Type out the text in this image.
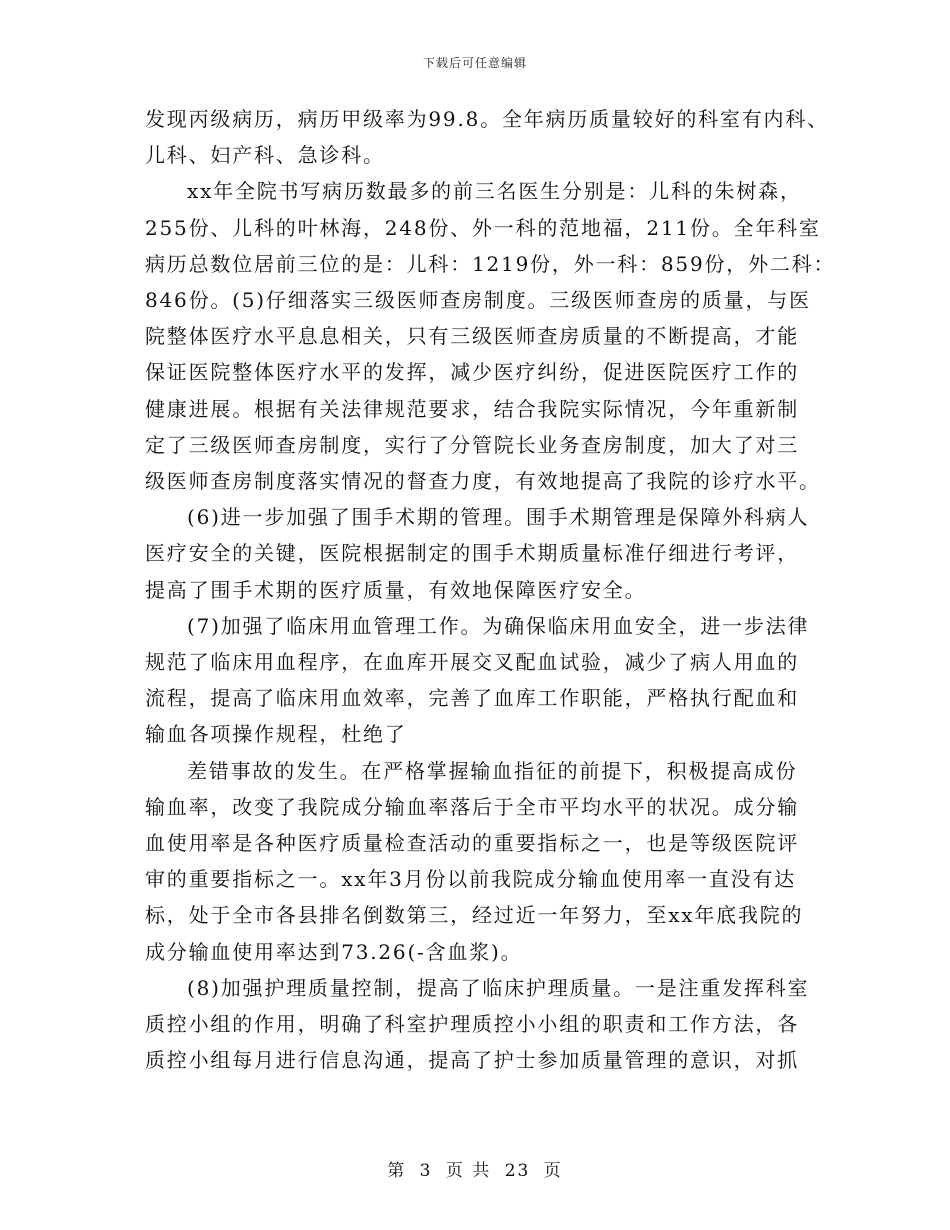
下载后可任意编辑
发现丙级病历，病历甲级率为99.8。全年病历质量较好的科室有内科、
儿科、妇产科、急诊科。
xx年全院书写病历数最多的前三名医生分别是：儿科的朱树森，
255份、儿科的叶林海，248份、外一科的范地福，211份。全年科室
病历总数位居前三位的是：儿科：1219份，外一科：859份，外二科：
846份。(5)仔细落实三级医师查房制度。三级医师查房的质量，与医
院整体医疗水平息息相关，只有三级医师查房质量的不断提高，才能
保证医院整体医疗水平的发挥，减少医疗纠纷，促进医院医疗工作的
健康进展。根据有关法律规范要求，结合我院实际情况，今年重新制
定了三级医师查房制度，实行了分管院长业务查房制度，加大了对三
级医师查房制度落实情况的督查力度，有效地提高了我院的诊疗水平。
(6)进一步加强了围手术期的管理。围手术期管理是保障外科病人
医疗安全的关键，医院根据制定的围手术期质量标准仔细进行考评，
提高了围手术期的医疗质量，有效地保障医疗安全。
(7)加强了临床用血管理工作。为确保临床用血安全，进一步法律
规范了临床用血程序，在血库开展交叉配血试验，减少了病人用血的
流程，提高了临床用血效率，完善了血库工作职能，严格执行配血和
输血各项操作规程，杜绝了
差错事故的发生。在严格掌握输血指征的前提下，积极提高成份
输血率，改变了我院成分输血率落后于全市平均水平的状况。成分输
血使用率是各种医疗质量检查活动的重要指标之一，也是等级医院评
审的重要指标之一。xx年3月份以前我院成分输血使用率一直没有达
标，处于全市各县排名倒数第三，经过近一年努力，至xx年底我院的
成分输血使用率达到73.26(-含血浆)。
(8)加强护理质量控制，提高了临床护理质量。一是注重发挥科室
质控小组的作用，明确了科室护理质控小小组的职责和工作方法，各
质控小组每月进行信息沟通，提高了护士参加质量管理的意识，对抓
第 3 页 共 23 页
